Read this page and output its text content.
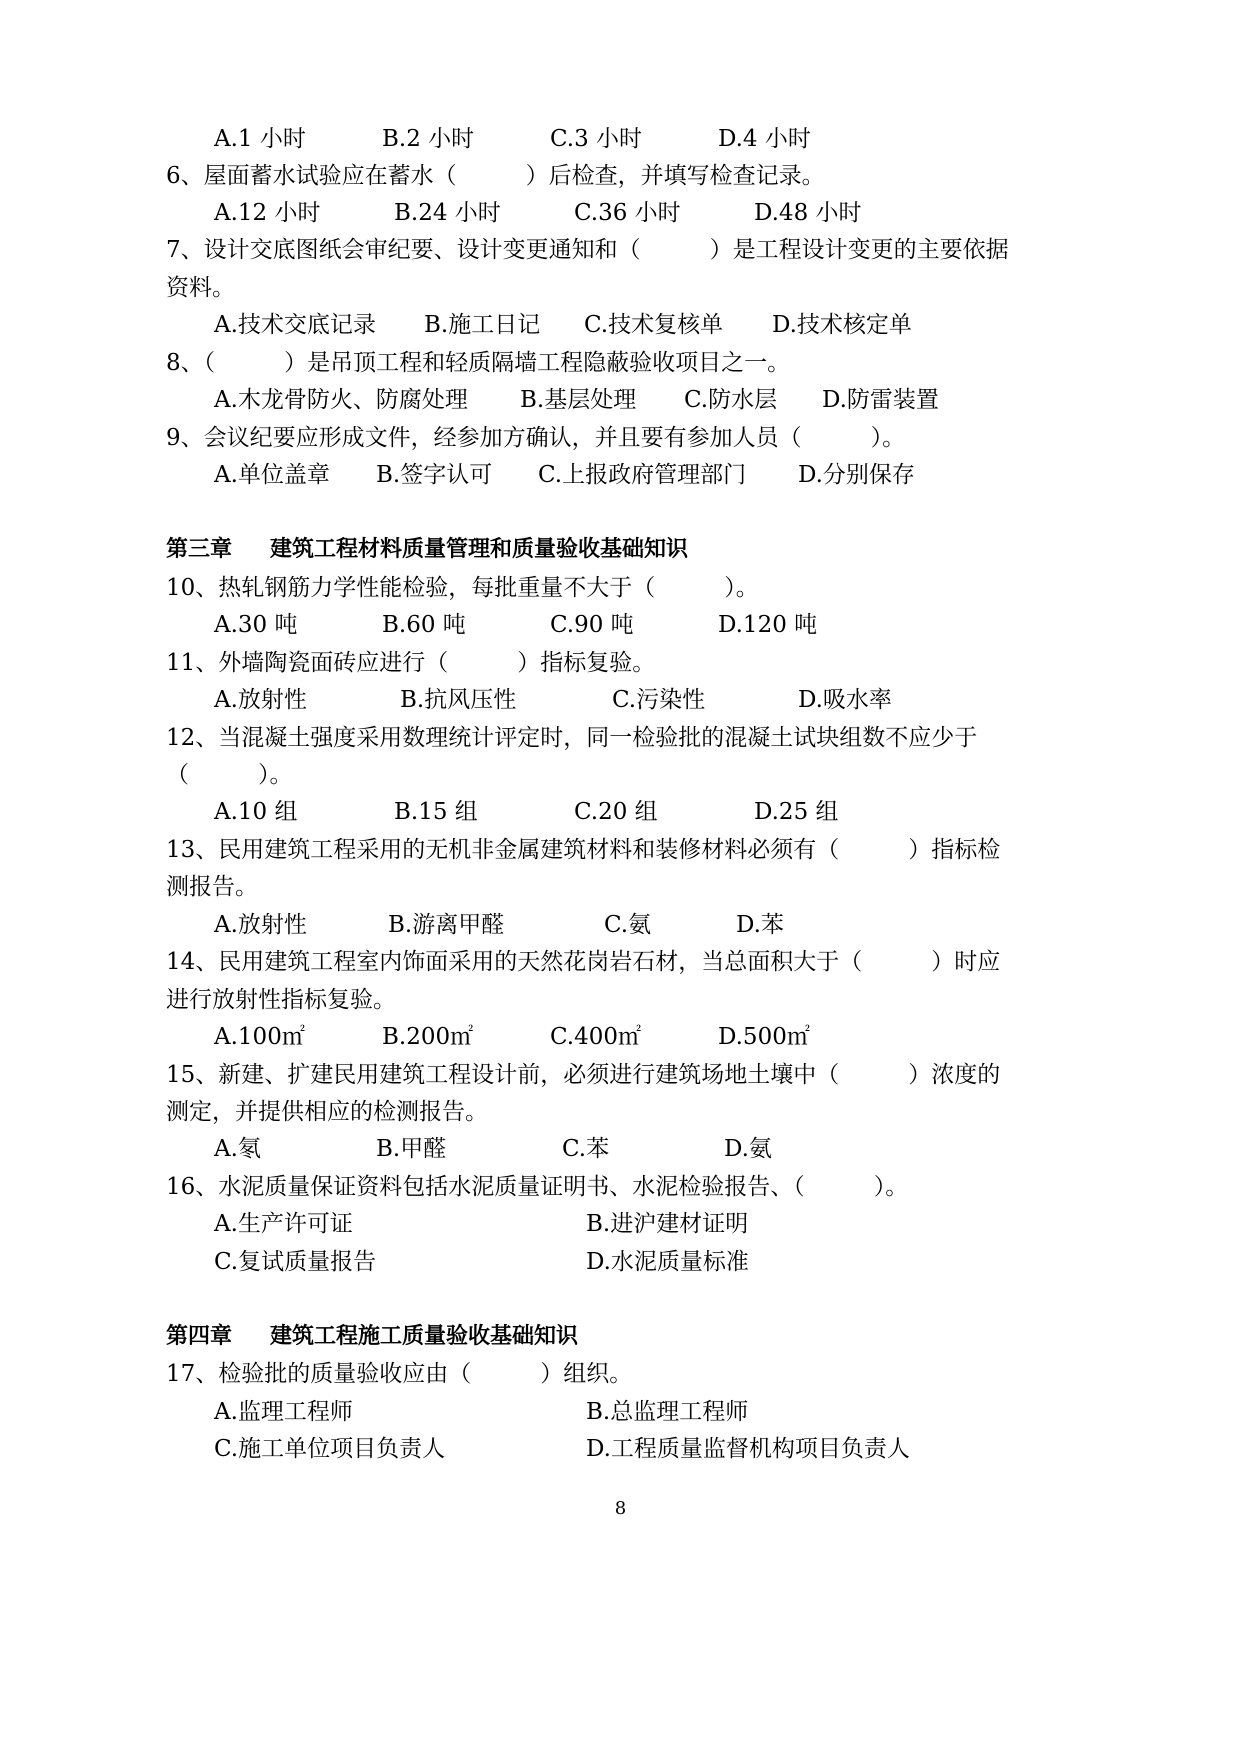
A.1 小时	B.2 小时	C.3 小时	D.4 小时
6、屋面蓄水试验应在蓄水（　　　）后检查，并填写检查记录。
A.12 小时	B.24 小时	C.36 小时	D.48 小时
7、设计交底图纸会审纪要、设计变更通知和（　　　）是工程设计变更的主要依据
资料。
A.技术交底记录 B.施工日记 C.技术复核单 D.技术核定单
8、（　　　）是吊顶工程和轻质隔墙工程隐蔽验收项目之一。
A.木龙骨防火、防腐处理 B.基层处理 C.防水层 D.防雷装置
9、会议纪要应形成文件，经参加方确认，并且要有参加人员（　　　）。
A.单位盖章 B.签字认可 C.上报政府管理部门 D.分别保存
第三章 建筑工程材料质量管理和质量验收基础知识
10、热轧钢筋力学性能检验，每批重量不大于（　　　）。
A.30 吨	B.60 吨	C.90 吨	D.120 吨
11、外墙陶瓷面砖应进行（　　　）指标复验。
A.放射性	B.抗风压性	C.污染性	D.吸水率
12、当混凝土强度采用数理统计评定时，同一检验批的混凝土试块组数不应少于
（　　　）。
A.10 组	B.15 组	C.20 组	D.25 组
13、民用建筑工程采用的无机非金属建筑材料和装修材料必须有（　　　）指标检
测报告。
A.放射性	B.游离甲醛	C.氨	D.苯
14、民用建筑工程室内饰面采用的天然花岗岩石材，当总面积大于（　　　）时应
进行放射性指标复验。
A.100㎡	B.200㎡	C.400㎡	D.500㎡
15、新建、扩建民用建筑工程设计前，必须进行建筑场地土壤中（　　　）浓度的
测定，并提供相应的检测报告。
A.氡	B.甲醛	C.苯	D.氨
16、水泥质量保证资料包括水泥质量证明书、水泥检验报告、（　　　）。
A.生产许可证	B.进沪建材证明
C.复试质量报告	D.水泥质量标准
第四章 建筑工程施工质量验收基础知识
17、检验批的质量验收应由（　　　）组织。
A.监理工程师	B.总监理工程师
C.施工单位项目负责人	D.工程质量监督机构项目负责人
8
